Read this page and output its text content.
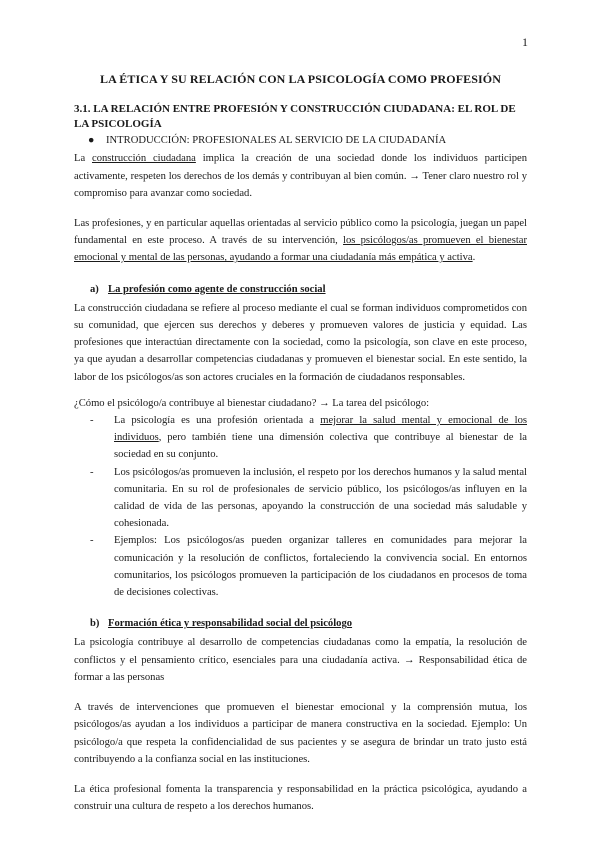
1
LA ÉTICA Y SU RELACIÓN CON LA PSICOLOGÍA COMO PROFESIÓN
3.1. LA RELACIÓN ENTRE PROFESIÓN Y CONSTRUCCIÓN CIUDADANA: EL ROL DE LA PSICOLOGÍA
●	INTRODUCCIÓN: PROFESIONALES AL SERVICIO DE LA CIUDADANÍA

La construcción ciudadana implica la creación de una sociedad donde los individuos participen activamente, respeten los derechos de los demás y contribuyan al bien común. → Tener claro nuestro rol y compromiso para avanzar como sociedad.

Las profesiones, y en particular aquellas orientadas al servicio público como la psicología, juegan un papel fundamental en este proceso. A través de su intervención, los psicólogos/as promueven el bienestar emocional y mental de las personas, ayudando a formar una ciudadanía más empática y activa.

a) La profesión como agente de construcción social

La construcción ciudadana se refiere al proceso mediante el cual se forman individuos comprometidos con su comunidad, que ejercen sus derechos y deberes y promueven valores de justicia y equidad. Las profesiones que interactúan directamente con la sociedad, como la psicología, son clave en este proceso, ya que ayudan a desarrollar competencias ciudadanas y promueven el bienestar social. En este sentido, la labor de los psicólogos/as son actores cruciales en la formación de ciudadanos responsables.

¿Cómo el psicólogo/a contribuye al bienestar ciudadano? → La tarea del psicólogo:

-	La psicología es una profesión orientada a mejorar la salud mental y emocional de los individuos, pero también tiene una dimensión colectiva que contribuye al bienestar de la sociedad en su conjunto.
-	Los psicólogos/as promueven la inclusión, el respeto por los derechos humanos y la salud mental comunitaria. En su rol de profesionales de servicio público, los psicólogos/as influyen en la calidad de vida de las personas, apoyando la construcción de una sociedad más saludable y cohesionada.
-	Ejemplos: Los psicólogos/as pueden organizar talleres en comunidades para mejorar la comunicación y la resolución de conflictos, fortaleciendo la convivencia social. En entornos comunitarios, los psicólogos promueven la participación de los ciudadanos en procesos de toma de decisiones colectivas.
b) Formación ética y responsabilidad social del psicólogo

La psicología contribuye al desarrollo de competencias ciudadanas como la empatía, la resolución de conflictos y el pensamiento crítico, esenciales para una ciudadanía activa. → Responsabilidad ética de formar a las personas

A través de intervenciones que promueven el bienestar emocional y la comprensión mutua, los psicólogos/as ayudan a los individuos a participar de manera constructiva en la sociedad. Ejemplo: Un psicólogo/a que respeta la confidencialidad de sus pacientes y se asegura de brindar un trato justo está contribuyendo a la confianza social en las instituciones.

La ética profesional fomenta la transparencia y responsabilidad en la práctica psicológica, ayudando a construir una cultura de respeto a los derechos humanos.
